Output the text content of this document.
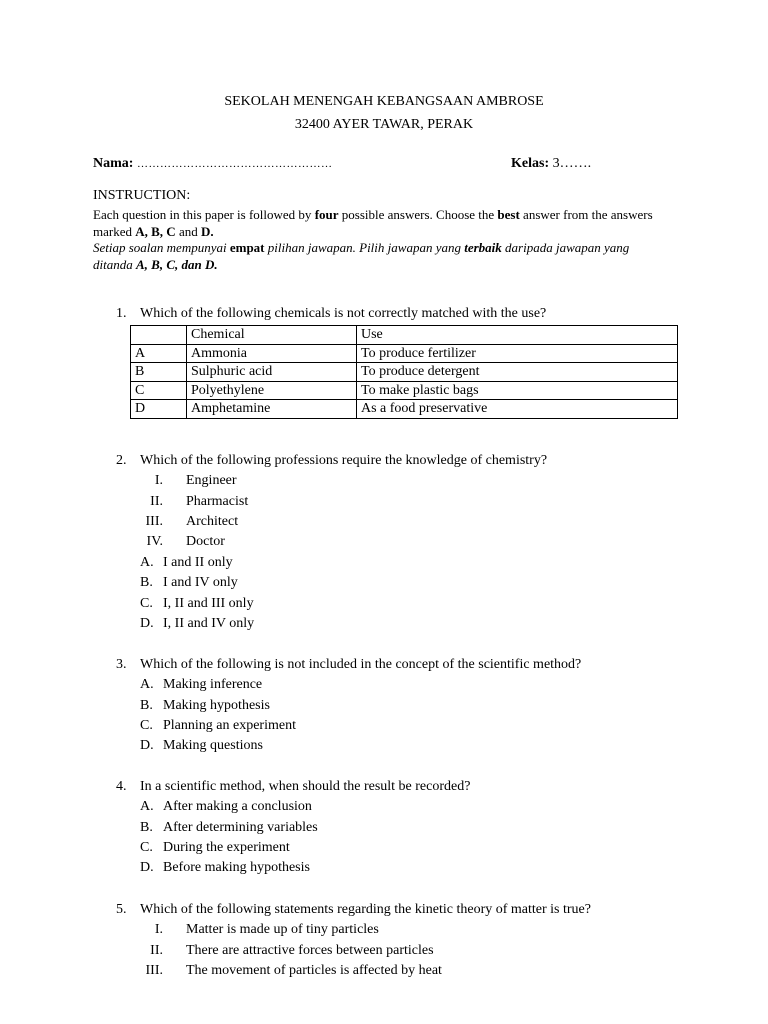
SEKOLAH MENENGAH KEBANGSAAN AMBROSE
32400 AYER TAWAR, PERAK
Nama: ……………………………………………	Kelas: 3…….
INSTRUCTION:
Each question in this paper is followed by four possible answers. Choose the best answer from the answers marked A, B, C and D.
Setiap soalan mempunyai empat pilihan jawapan. Pilih jawapan yang terbaik daripada jawapan yang ditanda A, B, C, dan D.
1. Which of the following chemicals is not correctly matched with the use?
	Chemical	Use
A	Ammonia	To produce fertilizer
B	Sulphuric acid	To produce detergent
C	Polyethylene	To make plastic bags
D	Amphetamine	As a food preservative
2. Which of the following professions require the knowledge of chemistry?
I. Engineer
II. Pharmacist
III. Architect
IV. Doctor
A. I and II only
B. I and IV only
C. I, II and III only
D. I, II and IV only
3. Which of the following is not included in the concept of the scientific method?
A. Making inference
B. Making hypothesis
C. Planning an experiment
D. Making questions
4. In a scientific method, when should the result be recorded?
A. After making a conclusion
B. After determining variables
C. During the experiment
D. Before making hypothesis
5. Which of the following statements regarding the kinetic theory of matter is true?
I. Matter is made up of tiny particles
II. There are attractive forces between particles
III. The movement of particles is affected by heat
